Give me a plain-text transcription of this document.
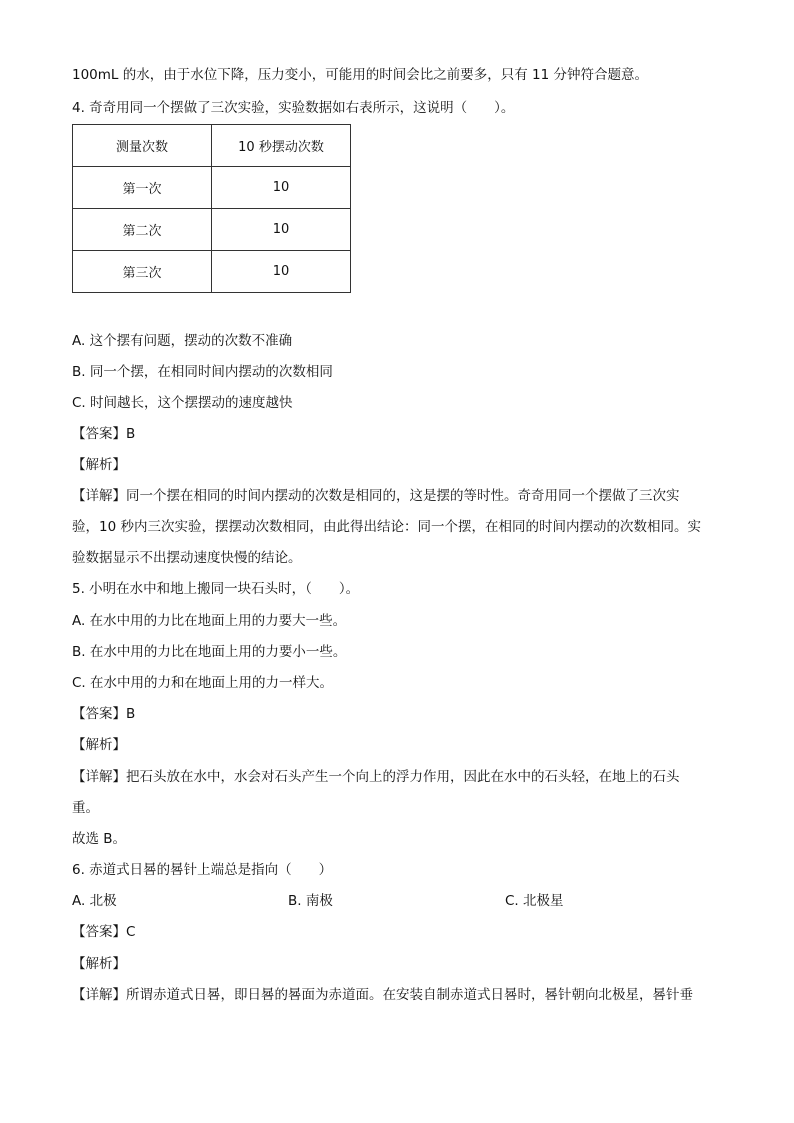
100mL 的水，由于水位下降，压力变小，可能用的时间会比之前要多，只有 11 分钟符合题意。
4. 奇奇用同一个摆做了三次实验，实验数据如右表所示，这说明（　　）。
测量次数	10 秒摆动次数
第一次	10
第二次	10
第三次	10
A. 这个摆有问题，摆动的次数不准确
B. 同一个摆，在相同时间内摆动的次数相同
C. 时间越长，这个摆摆动的速度越快
【答案】B
【解析】
【详解】同一个摆在相同的时间内摆动的次数是相同的，这是摆的等时性。奇奇用同一个摆做了三次实
验，10 秒内三次实验，摆摆动次数相同，由此得出结论：同一个摆，在相同的时间内摆动的次数相同。实
验数据显示不出摆动速度快慢的结论。
5. 小明在水中和地上搬同一块石头时，（　　）。
A. 在水中用的力比在地面上用的力要大一些。
B. 在水中用的力比在地面上用的力要小一些。
C. 在水中用的力和在地面上用的力一样大。
【答案】B
【解析】
【详解】把石头放在水中，水会对石头产生一个向上的浮力作用，因此在水中的石头轻，在地上的石头
重。
故选 B。
6. 赤道式日晷的晷针上端总是指向（　　）
A. 北极	B. 南极	C. 北极星
【答案】C
【解析】
【详解】所谓赤道式日晷，即日晷的晷面为赤道面。在安装自制赤道式日晷时，晷针朝向北极星，晷针垂
